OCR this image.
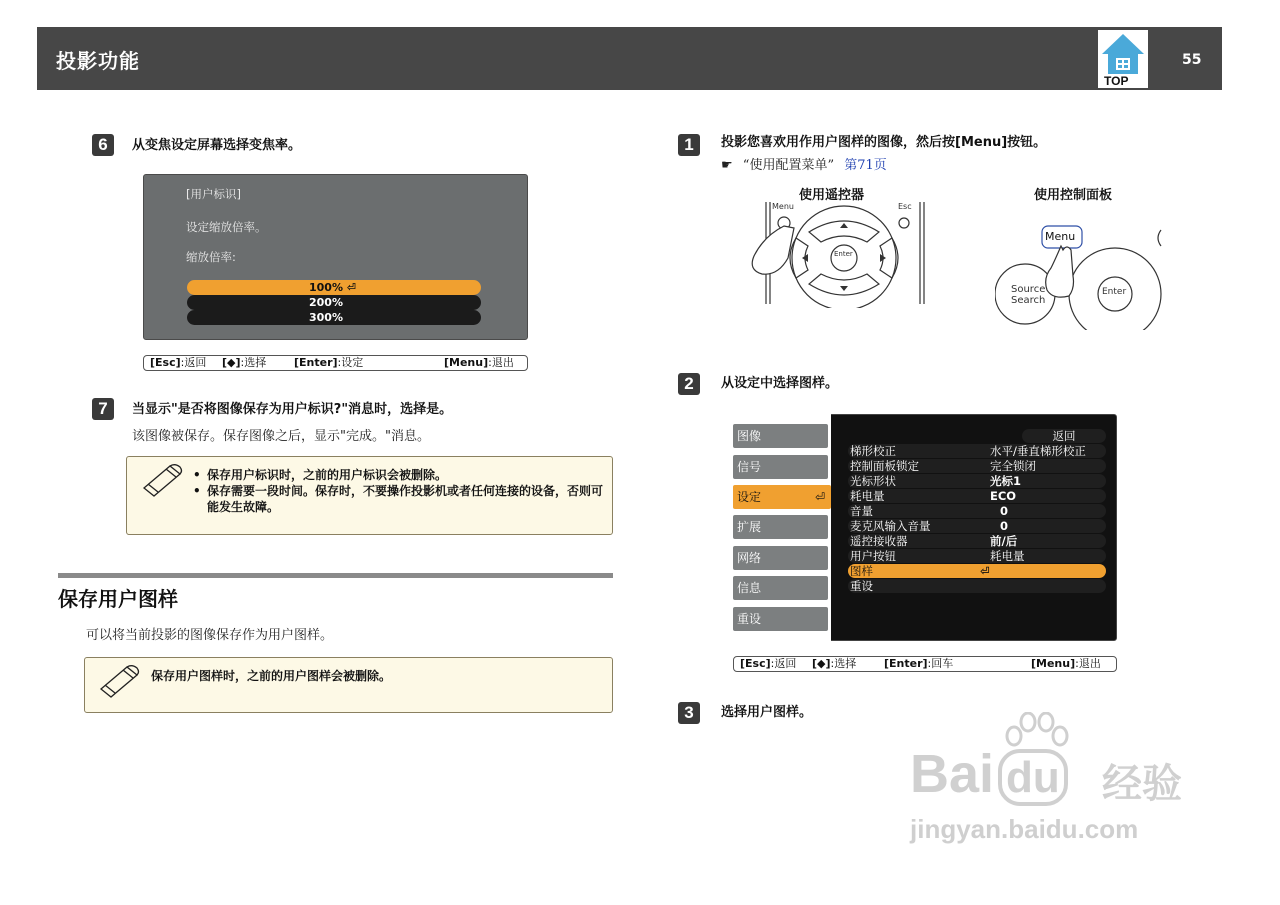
投影功能
TOP
55
6	从变焦设定屏幕选择变焦率。
[用户标识]
设定缩放倍率。
缩放倍率:
100% ⏎
200%
300%
[Esc]:返回 [◆]:选择	[Enter]:设定	[Menu]:退出
7	当显示"是否将图像保存为用户标识?"消息时，选择是。
该图像被保存。保存图像之后，显示"完成。"消息。
• 保存用户标识时，之前的用户标识会被删除。
• 保存需要一段时间。保存时，不要操作投影机或者任何连接的设备，否则可能发生故障。
保存用户图样
可以将当前投影的图像保存作为用户图样。
保存用户图样时，之前的用户图样会被删除。
1	投影您喜欢用作用户图样的图像，然后按[Menu]按钮。
☛ “使用配置菜单” 第71页
使用遥控器
Menu	Esc
Enter
使用控制面板
Menu
Source
Search
Enter
2	从设定中选择图样。
图像
信号
设定	⏎
扩展
网络
信息
重设
返回
梯形校正	水平/垂直梯形校正
控制面板锁定	完全锁闭
光标形状	光标1
耗电量	ECO
音量	0
麦克风输入音量	0
遥控接收器	前/后
用户按钮	耗电量
图样	⏎
重设
[Esc]:返回 [◆]:选择	[Enter]:回车	[Menu]:退出
3	选择用户图样。
Bai du 经验
jingyan.baidu.com
